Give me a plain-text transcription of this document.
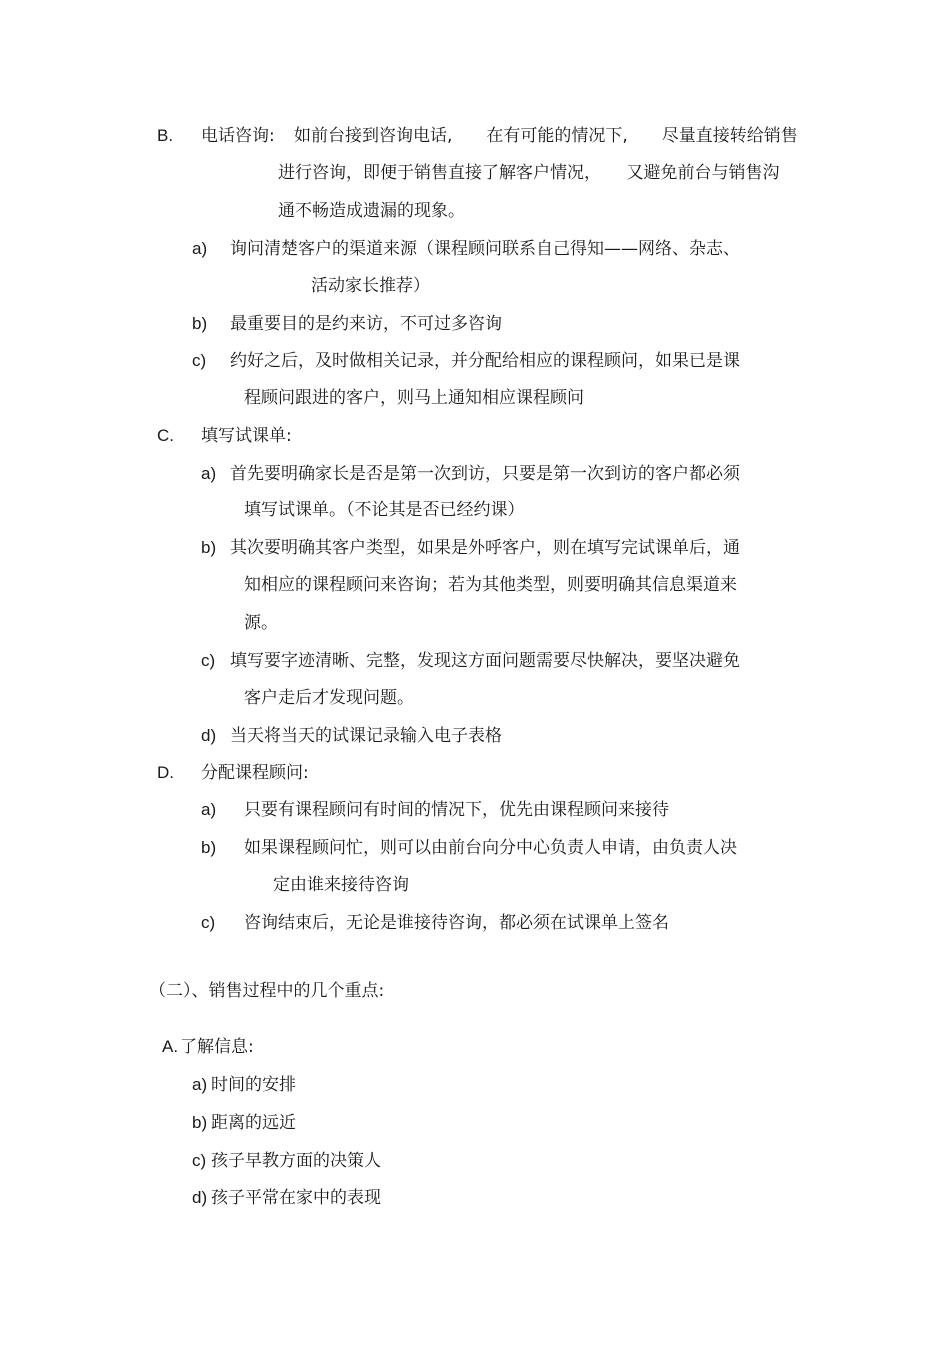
B. 电话咨询: 如前台接到咨询电话,　　在有可能的情况下,　　尽量直接转给销售
进行咨询，即便于销售直接了解客户情况，　　又避免前台与销售沟
通不畅造成遗漏的现象。
a) 询问清楚客户的渠道来源（课程顾问联系自己得知——网络、杂志、
活动家长推荐）
b) 最重要目的是约来访，不可过多咨询
c) 约好之后，及时做相关记录，并分配给相应的课程顾问，如果已是课
程顾问跟进的客户，则马上通知相应课程顾问
C. 填写试课单:
a) 首先要明确家长是否是第一次到访，只要是第一次到访的客户都必须
填写试课单。（不论其是否已经约课）
b) 其次要明确其客户类型，如果是外呼客户，则在填写完试课单后，通
知相应的课程顾问来咨询；若为其他类型，则要明确其信息渠道来
源。
c) 填写要字迹清晰、完整，发现这方面问题需要尽快解决，要坚决避免
客户走后才发现问题。
d) 当天将当天的试课记录输入电子表格
D. 分配课程顾问:
a) 只要有课程顾问有时间的情况下，优先由课程顾问来接待
b) 如果课程顾问忙，则可以由前台向分中心负责人申请，由负责人决
定由谁来接待咨询
c) 咨询结束后，无论是谁接待咨询，都必须在试课单上签名
（二）、销售过程中的几个重点:
A. 了解信息:
a) 时间的安排
b) 距离的远近
c) 孩子早教方面的决策人
d) 孩子平常在家中的表现
